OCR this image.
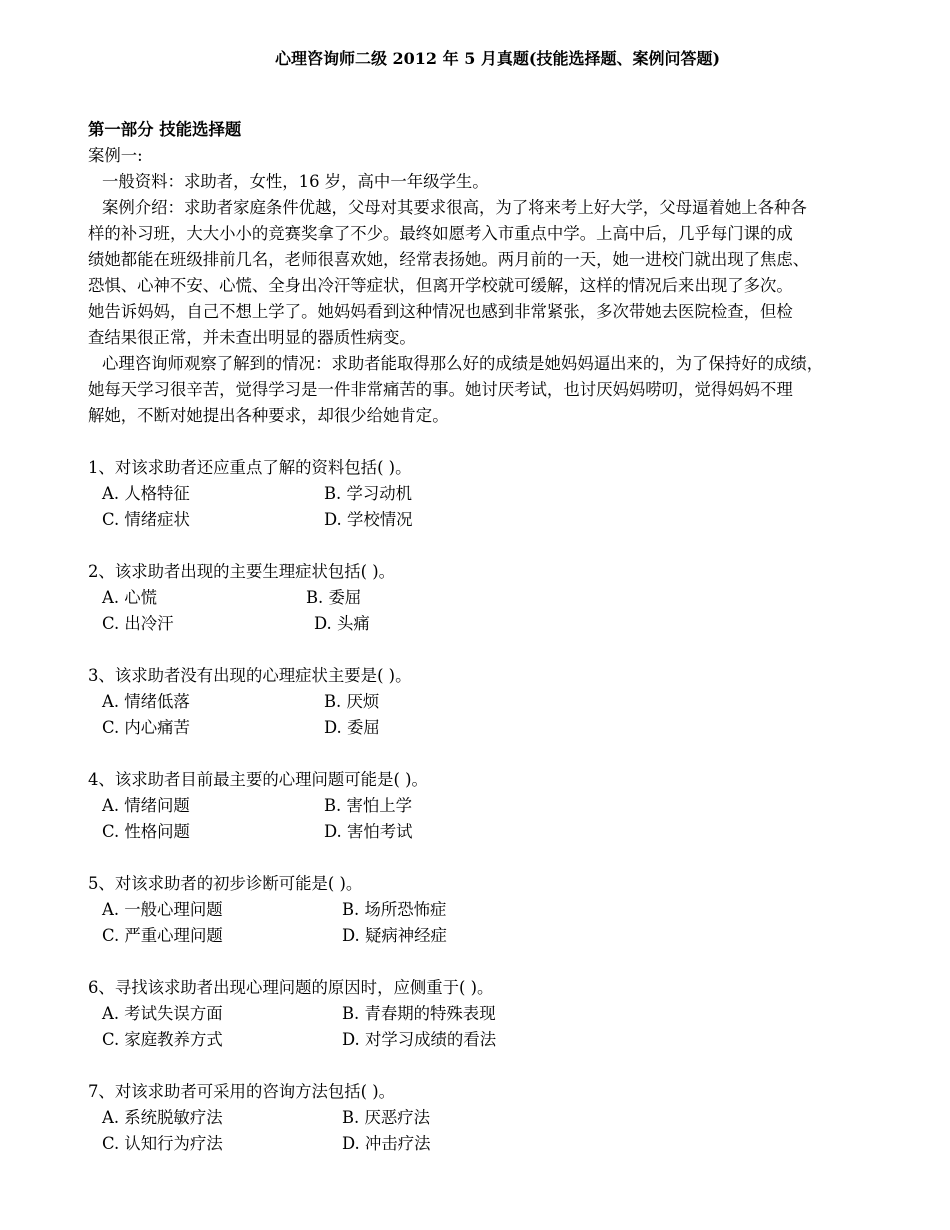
心理咨询师二级 2012 年 5 月真题(技能选择题、案例问答题)
第一部分 技能选择题
案例一:
一般资料：求助者，女性，16 岁，高中一年级学生。
案例介绍：求助者家庭条件优越，父母对其要求很高，为了将来考上好大学，父母逼着她上各种各
样的补习班，大大小小的竞赛奖拿了不少。最终如愿考入市重点中学。上高中后，几乎每门课的成
绩她都能在班级排前几名，老师很喜欢她，经常表扬她。两月前的一天，她一进校门就出现了焦虑、
恐惧、心神不安、心慌、全身出冷汗等症状，但离开学校就可缓解，这样的情况后来出现了多次。
她告诉妈妈，自己不想上学了。她妈妈看到这种情况也感到非常紧张，多次带她去医院检查，但检
查结果很正常，并未查出明显的器质性病变。
心理咨询师观察了解到的情况：求助者能取得那么好的成绩是她妈妈逼出来的，为了保持好的成绩，
她每天学习很辛苦，觉得学习是一件非常痛苦的事。她讨厌考试，也讨厌妈妈唠叨，觉得妈妈不理
解她，不断对她提出各种要求，却很少给她肯定。
1、对该求助者还应重点了解的资料包括( )。
A. 人格特征	B. 学习动机
C. 情绪症状	D. 学校情况
2、该求助者出现的主要生理症状包括( )。
A. 心慌	B. 委屈
C. 出冷汗	D. 头痛
3、该求助者没有出现的心理症状主要是( )。
A. 情绪低落	B. 厌烦
C. 内心痛苦	D. 委屈
4、该求助者目前最主要的心理问题可能是( )。
A. 情绪问题	B. 害怕上学
C. 性格问题	D. 害怕考试
5、对该求助者的初步诊断可能是( )。
A. 一般心理问题	B. 场所恐怖症
C. 严重心理问题	D. 疑病神经症
6、寻找该求助者出现心理问题的原因时，应侧重于( )。
A. 考试失误方面	B. 青春期的特殊表现
C. 家庭教养方式	D. 对学习成绩的看法
7、对该求助者可采用的咨询方法包括( )。
A. 系统脱敏疗法	B. 厌恶疗法
C. 认知行为疗法	D. 冲击疗法
